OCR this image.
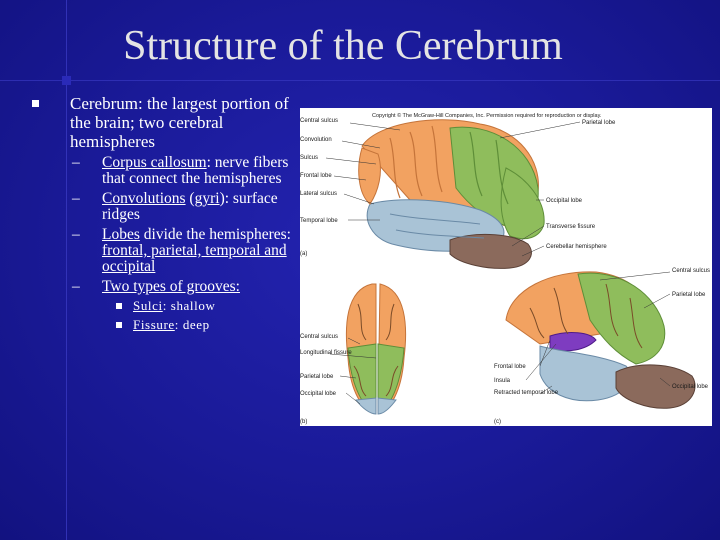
Structure of the Cerebrum
Cerebrum: the largest portion of the brain; two cerebral hemispheres
– Corpus callosum: nerve fibers that connect the hemispheres
– Convolutions (gyri): surface ridges
– Lobes divide the hemispheres: frontal, parietal, temporal and occipital
– Two types of grooves:
Sulci: shallow
Fissure: deep
Copyright © The McGraw-Hill Companies, Inc. Permission required for reproduction or display.
Central sulcus
Convolution
Sulcus
Frontal lobe
Lateral sulcus
Temporal lobe
Parietal lobe
Occipital lobe
Transverse fissure
Cerebellar hemisphere
(a)
Central sulcus
Longitudinal fissure
Parietal lobe
Occipital lobe
(b)
Central sulcus
Parietal lobe
Occipital lobe
Frontal lobe
Insula
Retracted temporal lobe
(c)
